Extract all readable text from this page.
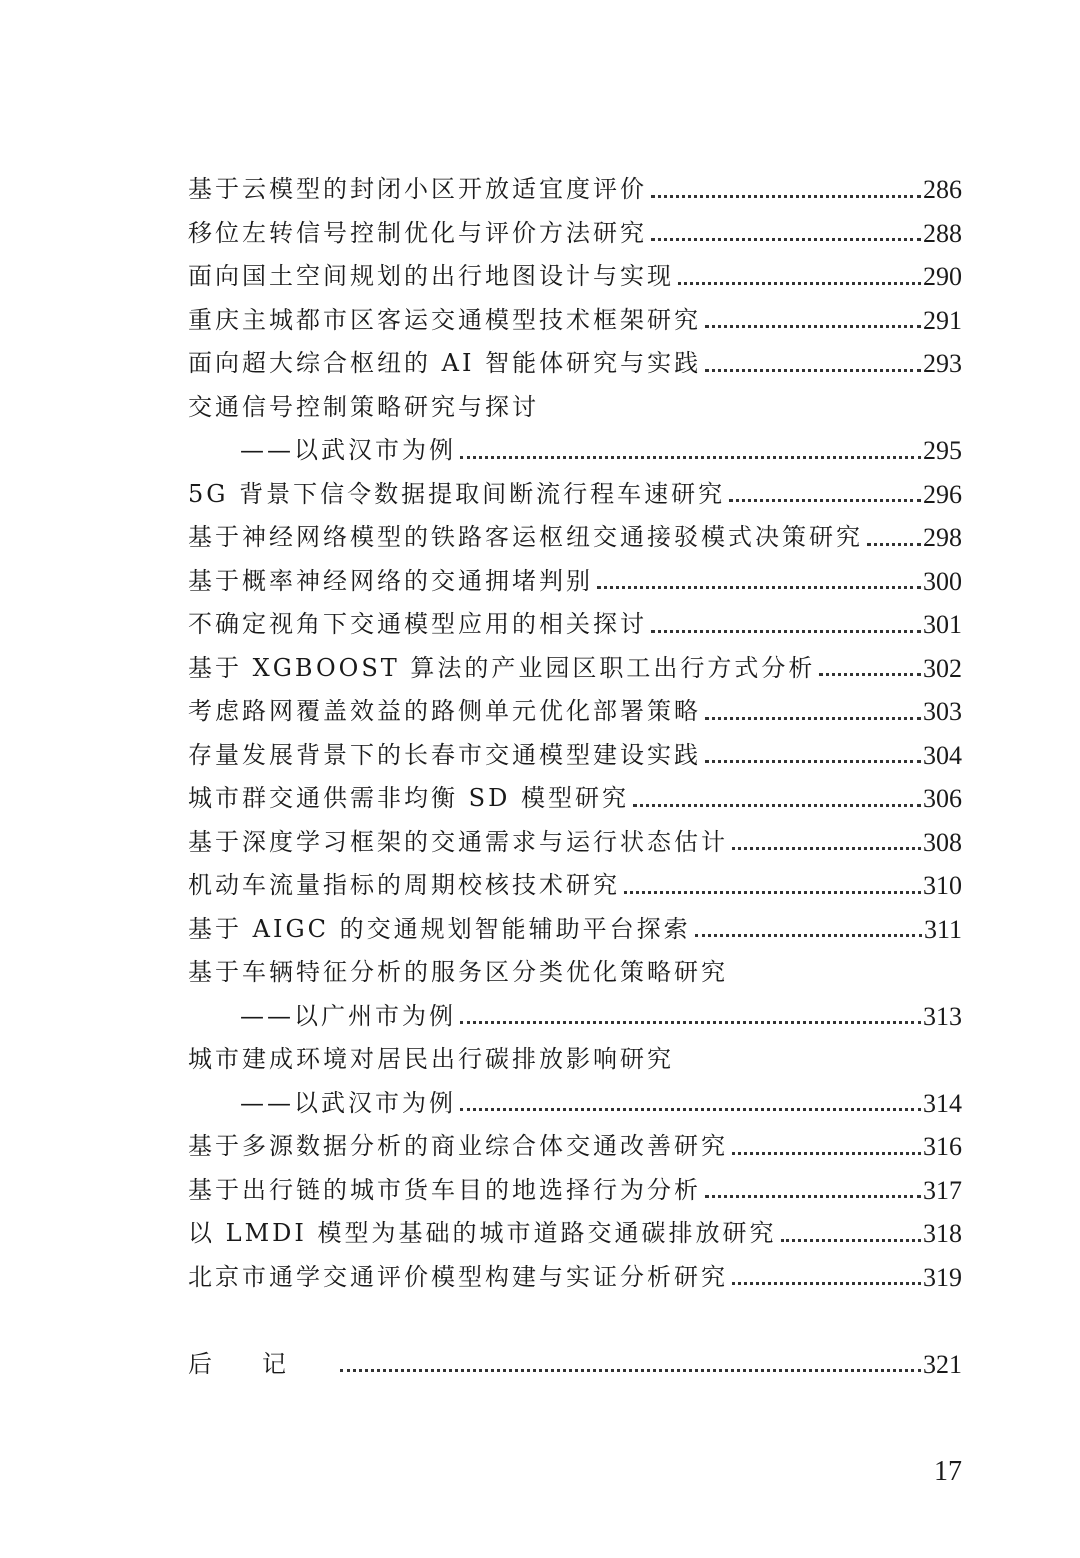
基于云模型的封闭小区开放适宜度评价	286
移位左转信号控制优化与评价方法研究	288
面向国土空间规划的出行地图设计与实现	290
重庆主城都市区客运交通模型技术框架研究	291
面向超大综合枢纽的 AI 智能体研究与实践	293
交通信号控制策略研究与探讨
——以武汉市为例	295
5G 背景下信令数据提取间断流行程车速研究	296
基于神经网络模型的铁路客运枢纽交通接驳模式决策研究 298
基于概率神经网络的交通拥堵判别	300
不确定视角下交通模型应用的相关探讨	301
基于 XGBOOST 算法的产业园区职工出行方式分析	302
考虑路网覆盖效益的路侧单元优化部署策略	303
存量发展背景下的长春市交通模型建设实践	304
城市群交通供需非均衡 SD 模型研究	306
基于深度学习框架的交通需求与运行状态估计	308
机动车流量指标的周期校核技术研究	310
基于 AIGC 的交通规划智能辅助平台探索	311
基于车辆特征分析的服务区分类优化策略研究
——以广州市为例	313
城市建成环境对居民出行碳排放影响研究
——以武汉市为例	314
基于多源数据分析的商业综合体交通改善研究	316
基于出行链的城市货车目的地选择行为分析	317
以 LMDI 模型为基础的城市道路交通碳排放研究	318
北京市通学交通评价模型构建与实证分析研究	319
后记	321
17
